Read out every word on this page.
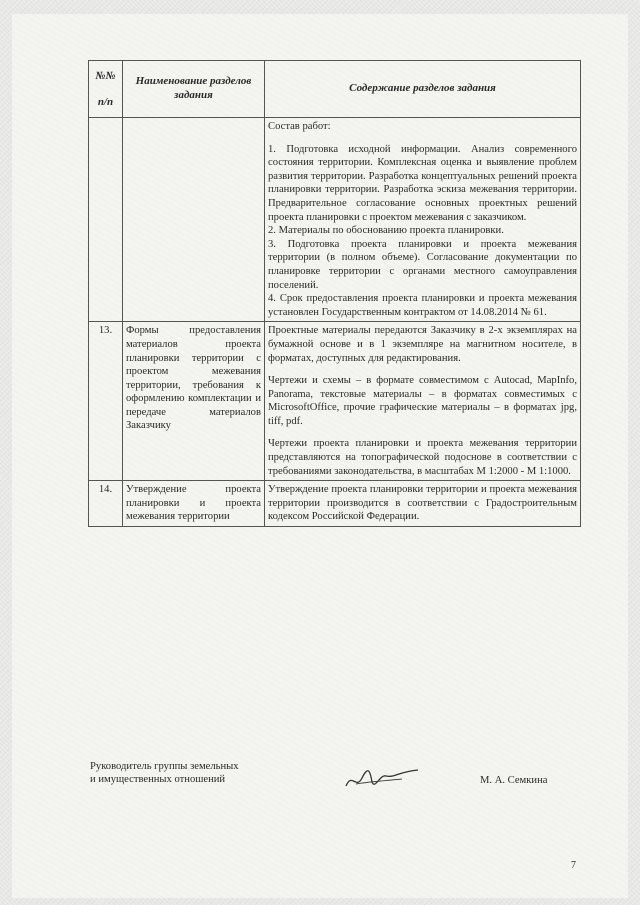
№№ п/п	Наименование разделов задания	Содержание разделов задания

		Состав работ:

1. Подготовка исходной информации. Анализ современного состояния территории. Комплексная оценка и выявление проблем развития территории. Разработка концептуальных решений проекта планировки территории. Разработка эскиза межевания территории. Предварительное согласование основных проектных решений проекта планировки с проектом межевания с заказчиком.

2. Материалы по обоснованию проекта планировки.

3. Подготовка проекта планировки и проекта межевания территории (в полном объеме). Согласование документации по планировке территории с органами местного самоуправления поселений.

4. Срок предоставления проекта планировки и проекта межевания установлен Государственным контрактом от 14.08.2014 № 61.

13.	Формы предоставления материалов проекта планировки территории с проектом межевания территории, требования к оформлению комплектации и передаче материалов Заказчику	Проектные материалы передаются Заказчику в 2-х экземплярах на бумажной основе и в 1 экземпляре на магнитном носителе, в форматах, доступных для редактирования.

Чертежи и схемы – в формате совместимом с Autocad, MapInfo, Panorama, текстовые материалы – в форматах совместимых с MicrosoftOffice, прочие графические материалы – в форматах jpg, tiff, pdf.

Чертежи проекта планировки и проекта межевания территории представляются на топографической подоснове в соответствии с требованиями законодательства, в масштабах М 1:2000 - М 1:1000.

14.	Утверждение проекта планировки и проекта межевания территории	Утверждение проекта планировки территории и проекта межевания территории производится в соответствии с Градостроительным кодексом Российской Федерации.

Руководитель группы земельных
и имущественных отношений	М. А. Семкина
7
